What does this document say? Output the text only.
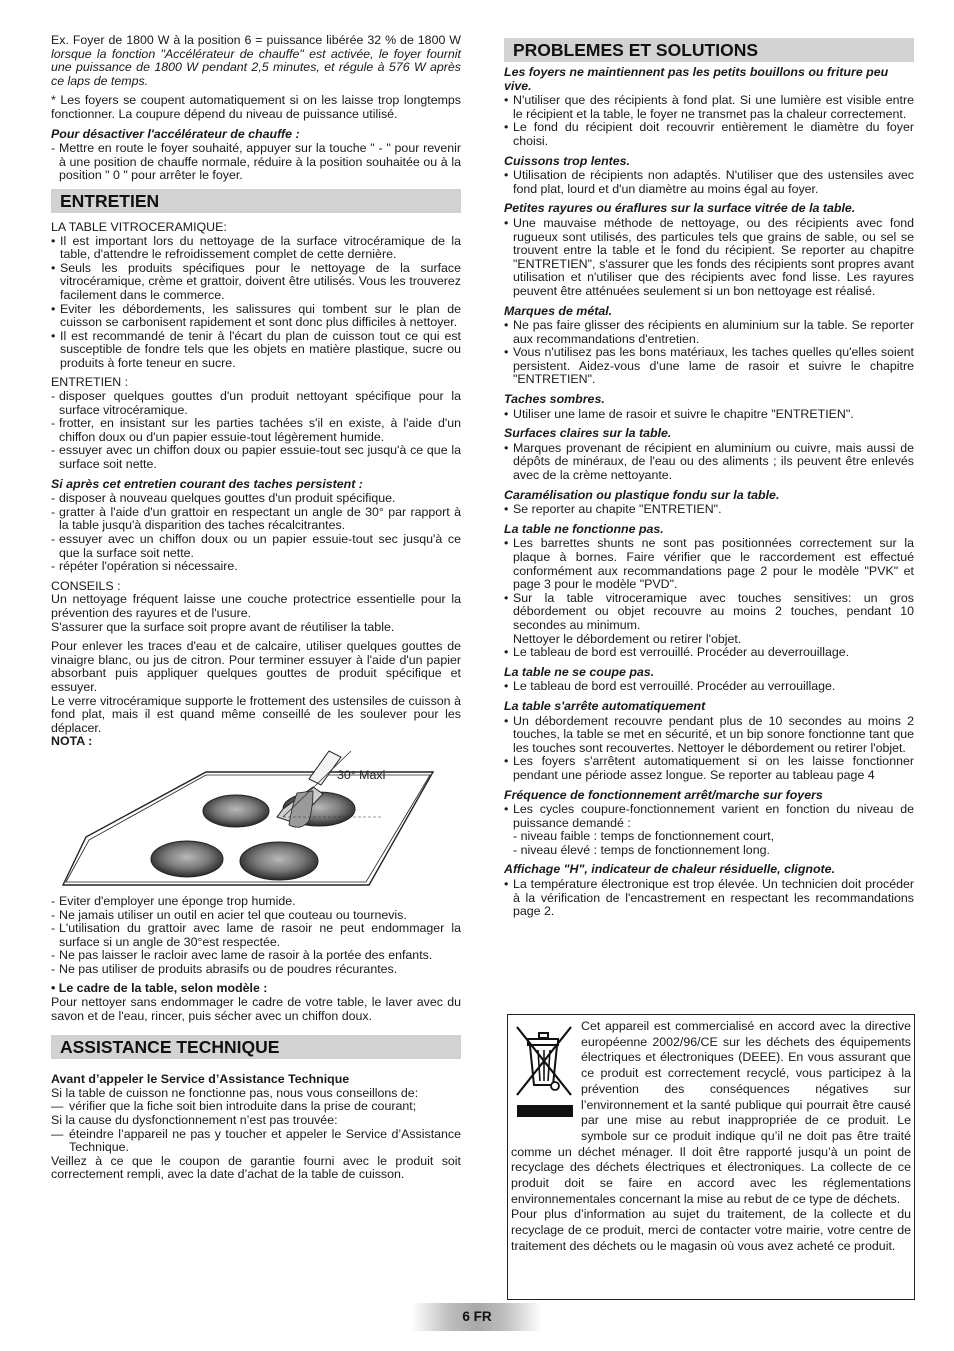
Ex. Foyer de 1800 W à la position 6 = puissance libérée 32 % de 1800 W lorsque la fonction "Accélérateur de chauffe" est activée, le foyer fournit une puissance de 1800 W pendant 2,5 minutes, et régule à 576 W après ce laps de temps.

* Les foyers se coupent automatiquement si on les laisse trop longtemps fonctionner. La coupure dépend du niveau de puissance utilisé.

Pour désactiver l'accélérateur de chauffe :

- Mettre en route le foyer souhaité, appuyer sur la touche " - " pour revenir à une position de chauffe normale, réduire à la position souhaitée ou à la position " 0 " pour arrêter le foyer.
ENTRETIEN

LA TABLE VITROCERAMIQUE:

• Il est important lors du nettoyage de la surface vitrocéramique de la table, d'attendre le refroidissement complet de cette dernière.
• Seuls les produits spécifiques pour le nettoyage de la surface vitrocéramique, crème et grattoir, doivent être utilisés. Vous les trouverez facilement dans le commerce.
• Eviter les débordements, les salissures qui tombent sur le plan de cuisson se carbonisent rapidement et sont donc plus difficiles à nettoyer.
• Il est recommandé de tenir à l'écart du plan de cuisson tout ce qui est susceptible de fondre tels que les objets en matière plastique, sucre ou produits à forte teneur en sucre.

ENTRETIEN :

- disposer quelques gouttes d'un produit nettoyant spécifique pour la surface vitrocéramique.
- frotter, en insistant sur les parties tachées s'il en existe, à l'aide d'un chiffon doux ou d'un papier essuie-tout légèrement humide.
- essuyer avec un chiffon doux ou papier essuie-tout sec jusqu'à ce que la surface soit nette.

Si après cet entretien courant des taches persistent :

- disposer à nouveau quelques gouttes d'un produit spécifique.
- gratter à l'aide d'un grattoir en respectant un angle de 30° par rapport à la table jusqu'à disparition des taches récalcitrantes.
- essuyer avec un chiffon doux ou un papier essuie-tout sec jusqu'à ce que la surface soit nette.
- répéter l'opération si nécessaire.

CONSEILS :

Un nettoyage fréquent laisse une couche protectrice essentielle pour la prévention des rayures et de l'usure.

S'assurer que la surface soit propre avant de réutiliser la table.

Pour enlever les traces d'eau et de calcaire, utiliser quelques gouttes de vinaigre blanc, ou jus de citron. Pour terminer essuyer à l'aide d'un papier absorbant puis appliquer quelques gouttes de produit spécifique et essuyer.

Le verre vitrocéramique supporte le frottement des ustensiles de cuisson à fond plat, mais il est quand même conseillé de les soulever pour les déplacer.

NOTA :

30° Maxi
- Eviter d'employer une éponge trop humide.
- Ne jamais utiliser un outil en acier tel que couteau ou tournevis.
- L'utilisation du grattoir avec lame de rasoir ne peut endommager la surface si un angle de 30°est respectée.
- Ne pas laisser le racloir avec lame de rasoir à la portée des enfants.
- Ne pas utiliser de produits abrasifs ou de poudres récurantes.

• Le cadre de la table, selon modèle :

Pour nettoyer sans endommager le cadre de votre table, le laver avec du savon et de l'eau, rincer, puis sécher avec un chiffon doux.

ASSISTANCE TECHNIQUE

Avant d’appeler le Service d’Assistance Technique

Si la table de cuisson ne fonctionne pas, nous vous conseillons de:

— vérifier que la fiche soit bien introduite dans la prise de courant;

Si la cause du dysfonctionnement n’est pas trouvée:

— éteindre l’appareil ne pas y toucher et appeler le Service d’Assistance Technique.

Veillez à ce que le coupon de garantie fourni avec le produit soit correctement rempli, avec la date d’achat de la table de cuisson.

PROBLEMES ET SOLUTIONS

Les foyers ne maintiennent pas les petits bouillons ou friture peu vive.

• N'utiliser que des récipients à fond plat. Si une lumière est visible entre le récipient et la table, le foyer ne transmet pas la chaleur correctement.
• Le fond du récipient doit recouvrir entièrement le diamètre du foyer choisi.

Cuissons trop lentes.

• Utilisation de récipients non adaptés. N'utiliser que des ustensiles avec fond plat, lourd et d'un diamètre au moins égal au foyer.

Petites rayures ou éraflures sur la surface vitrée de la table.

• Une mauvaise méthode de nettoyage, ou des récipients avec fond rugueux sont utilisés, des particules tels que grains de sable, ou sel se trouvent entre la table et le fond du récipient. Se reporter au chapitre "ENTRETIEN", s'assurer que les fonds des récipients sont propres avant utilisation et n'utiliser que des récipients avec fond lisse. Les rayures peuvent être atténuées seulement si un bon nettoyage est réalisé.

Marques de métal.

• Ne pas faire glisser des récipients en aluminium sur la table. Se reporter aux recommandations d'entretien.
• Vous n'utilisez pas les bons matériaux, les taches quelles qu'elles soient persistent. Aidez-vous d'une lame de rasoir et suivre le chapitre "ENTRETIEN".

Taches sombres.

• Utiliser une lame de rasoir et suivre le chapitre "ENTRETIEN".

Surfaces claires sur la table.

• Marques provenant de récipient en aluminium ou cuivre, mais aussi de dépôts de minéraux, de l'eau ou des aliments ; ils peuvent être enlevés avec de la crème nettoyante.

Caramélisation ou plastique fondu sur la table.

• Se reporter au chapite "ENTRETIEN".

La table ne fonctionne pas.

• Les barrettes shunts ne sont pas positionnées correctement sur la plaque à bornes. Faire vérifier que le raccordement est effectué conformément aux recommandations page 2 pour le modèle "PVK" et page 3 pour le modèle "PVD".
• Sur la table vitroceramique avec touches sensitives: un gros débordement ou objet recouvre au moins 2 touches, pendant 10 secondes au minimum.
Nettoyer le débordement ou retirer l'objet.
• Le tableau de bord est verrouillé. Procéder au deverrouillage.

La table ne se coupe pas.

• Le tableau de bord est verrouillé. Procéder au verrouillage.

La table s'arrête automatiquement

• Un débordement recouvre pendant plus de 10 secondes au moins 2 touches, la table se met en sécurité, et un bip sonore fonctionne tant que les touches sont recouvertes. Nettoyer le débordement ou retirer l'objet.
• Les foyers s'arrêtent automatiquement si on les laisse fonctionner pendant une période assez longue. Se reporter au tableau page 4

Fréquence de fonctionnement arrêt/marche sur foyers

• Les cycles coupure-fonctionnement varient en fonction du niveau de puissance demandé :
- niveau faible : temps de fonctionnement court,
- niveau élevé : temps de fonctionnement long.

Affichage "H", indicateur de chaleur résiduelle, clignote.

• La température électronique est trop élevée. Un technicien doit procéder à la vérification de l'encastrement en respectant les recommandations page 2.
Cet appareil est commercialisé en accord avec la directive européenne 2002/96/CE sur les déchets des équipements électriques et électroniques (DEEE). En vous assurant que ce produit est correctement recyclé, vous participez à la prévention des conséquences négatives sur l’environnement et la santé publique qui pourrait être causé par une mise au rebut inappropriée de ce produit. Le symbole sur ce produit indique qu’il ne doit pas être traité comme un déchet ménager. Il doit être rapporté jusqu’à un point de recyclage des déchets électriques et électroniques. La collecte de ce produit doit se faire en accord avec les réglementations environnementales concernant la mise au rebut de ce type de déchets.
Pour plus d’information au sujet du traitement, de la collecte et du recyclage de ce produit, merci de contacter votre mairie, votre centre de traitement des déchets ou le magasin où vous avez acheté ce produit.
6 FR
